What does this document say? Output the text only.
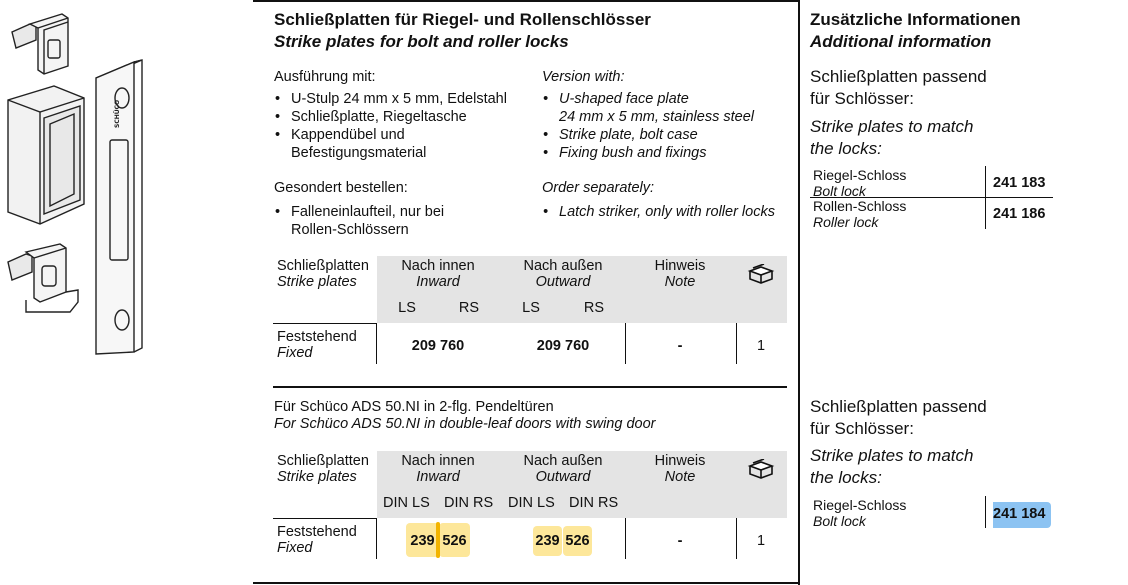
SCHÜCO
Schließplatten für Riegel- und Rollenschlösser
Strike plates for bolt and roller locks
Ausführung mit:
• U-Stulp 24 mm x 5 mm, Edelstahl
• Schließplatte, Riegeltasche
• Kappendübel und
Befestigungsmaterial
Version with:
• U-shaped face plate
24 mm x 5 mm, stainless steel
• Strike plate, bolt case
• Fixing bush and fixings
Gesondert bestellen:
• Falleneinlaufteil, nur bei
Rollen-Schlössern
Order separately:
• Latch striker, only with roller locks
Schließplatten
Strike plates
Nach innen
Inward
Nach außen
Outward
Hinweis
Note
LS	RS	LS	RS
Feststehend
Fixed	209 760	209 760	-	1
Für Schüco ADS 50.NI in 2-flg. Pendeltüren
For Schüco ADS 50.NI in double-leaf doors with swing door
Schließplatten
Strike plates
Nach innen
Inward
Nach außen
Outward
Hinweis
Note
DIN LS DIN RS DIN LS DIN RS
Feststehend
Fixed	239 526	239 526	-	1
Zusätzliche Informationen
Additional information
Schließplatten passend
für Schlösser:
Strike plates to match
the locks:
Riegel-Schloss
Bolt lock	241 183
Rollen-Schloss
Roller lock	241 186
Schließplatten passend
für Schlösser:
Strike plates to match
the locks:
Riegel-Schloss
Bolt lock	241 184
